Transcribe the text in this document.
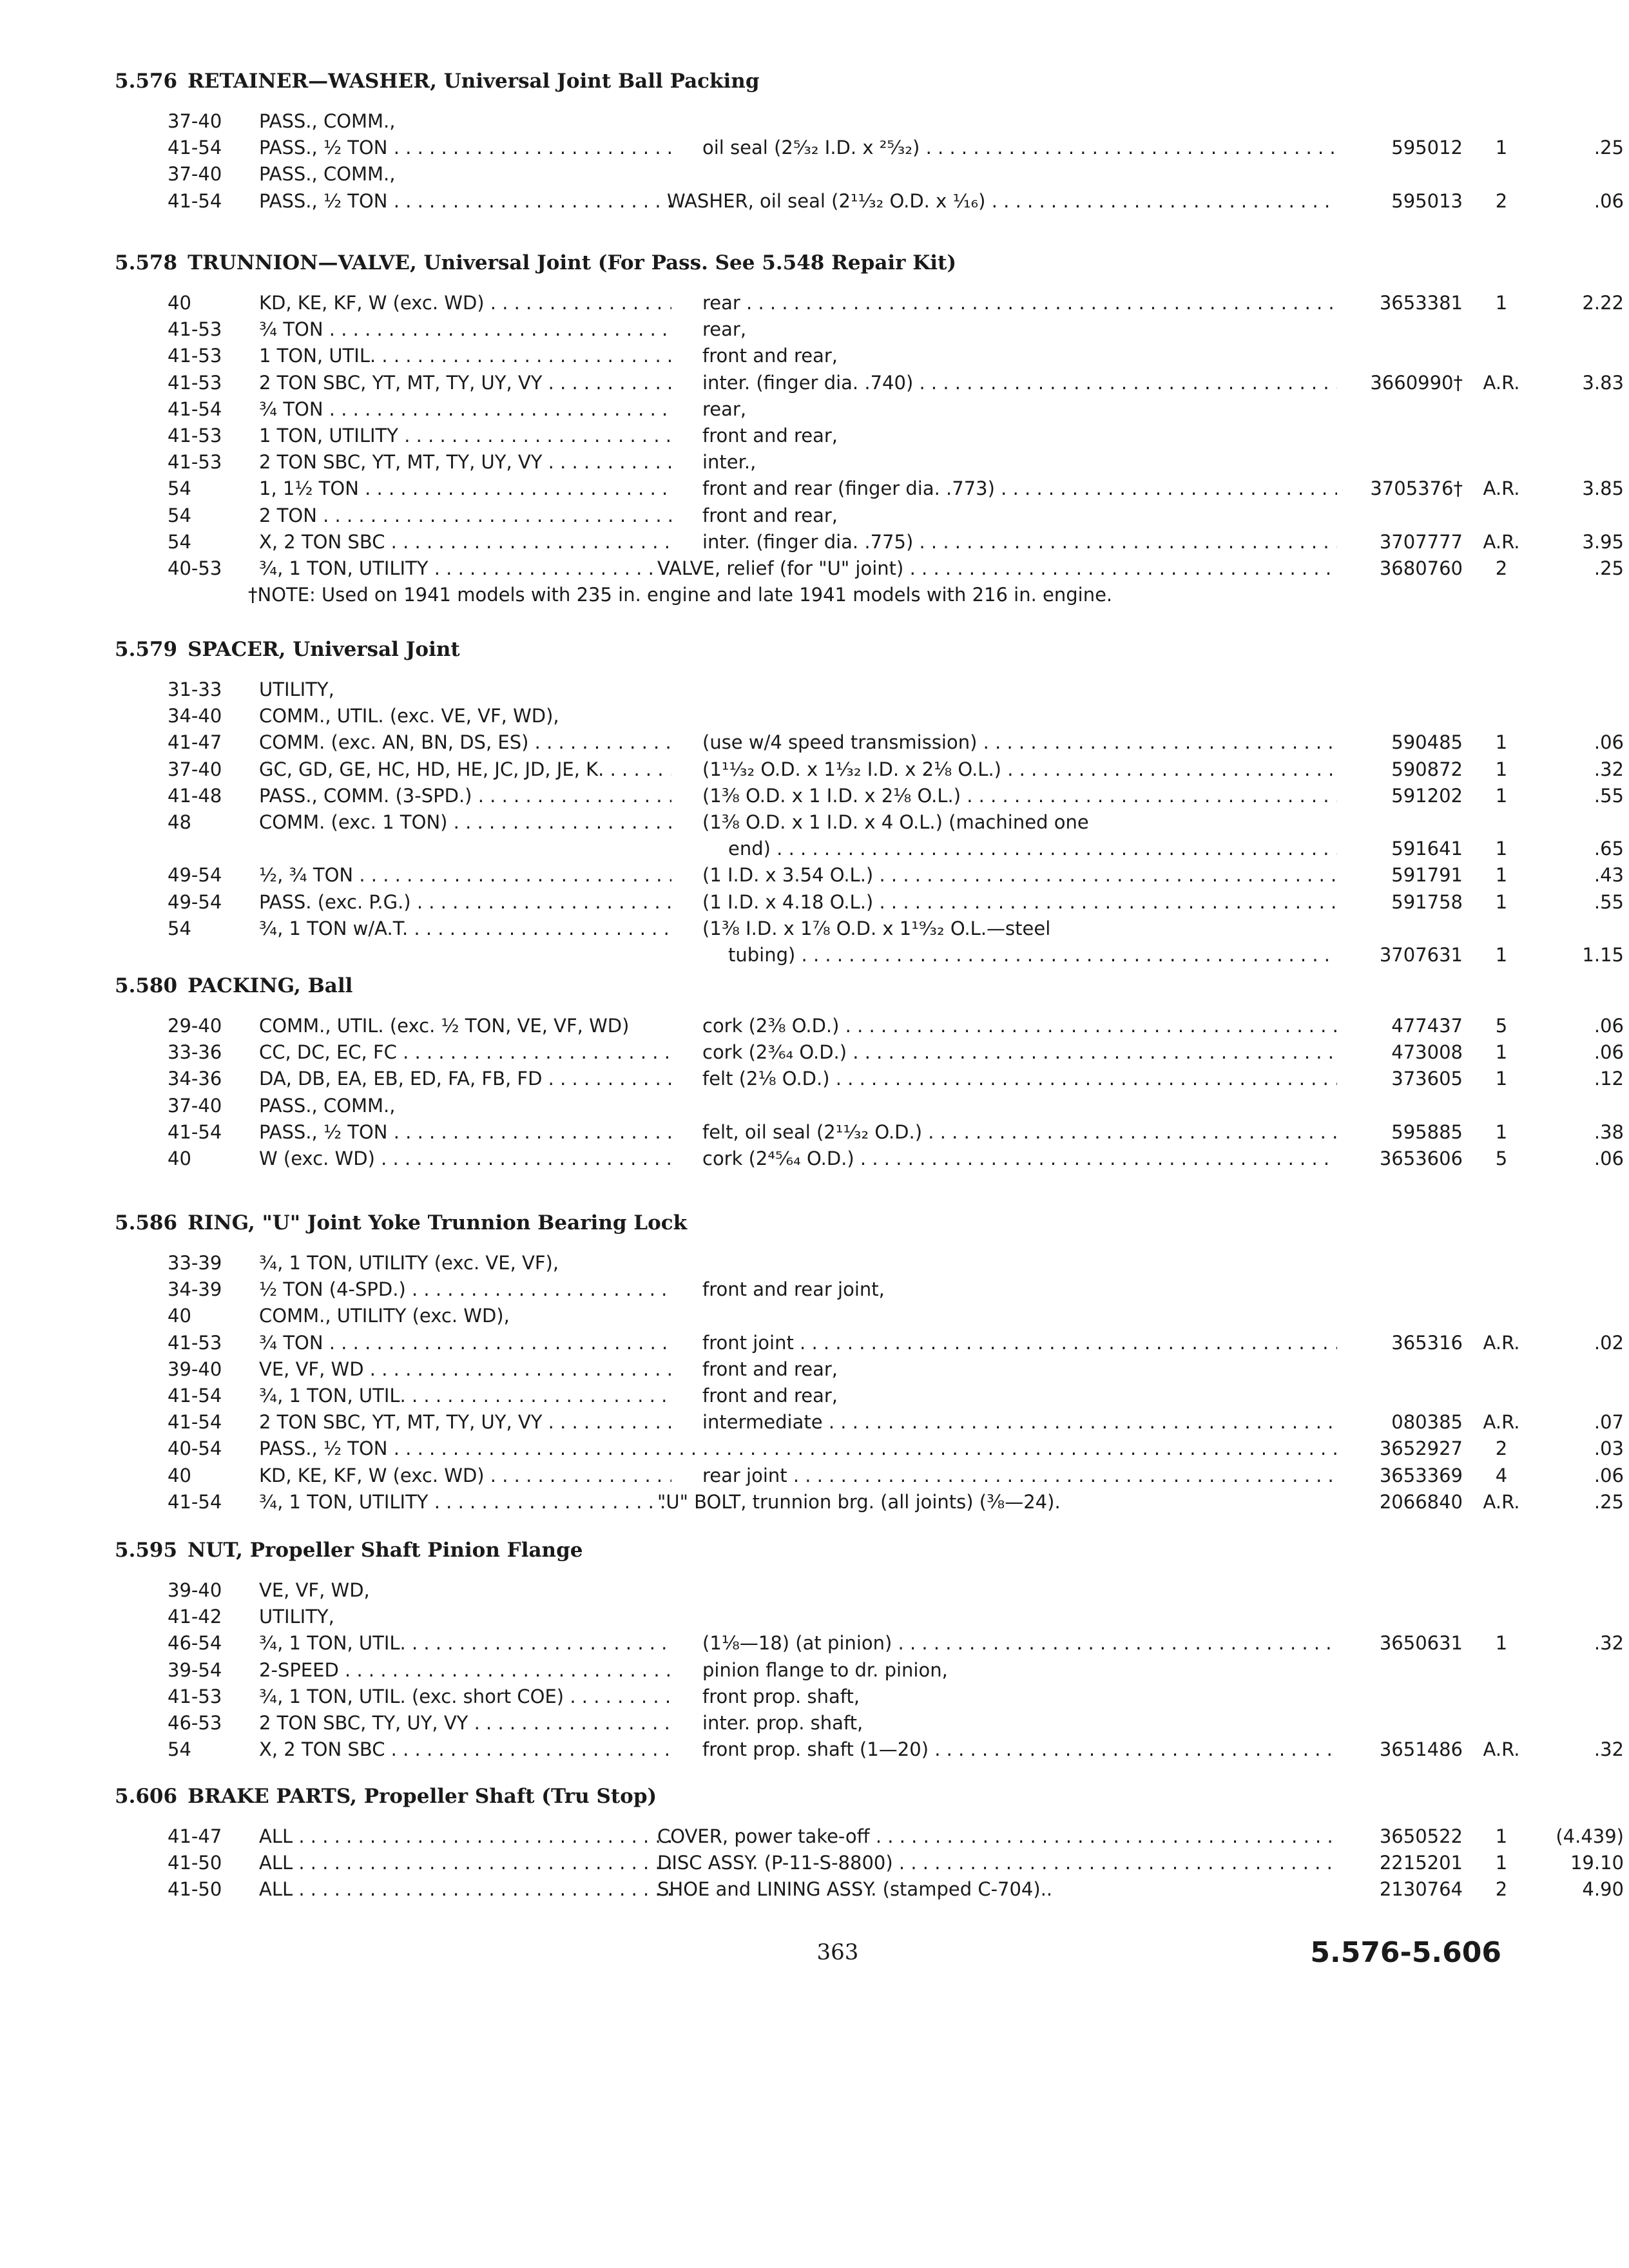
5.576 RETAINER—WASHER, Universal Joint Ball Packing
37-40	PASS., COMM.,
41-54	PASS., ½ TON . . .	oil seal (2⁵⁄₃₂ I.D. x ²⁵⁄₃₂) . . .	595012	1	.25
37-40	PASS., COMM.,
41-54	PASS., ½ TON . . .	WASHER, oil seal (2¹¹⁄₃₂ O.D. x ¹⁄₁₆) . . .	595013	2	.06
5.578 TRUNNION—VALVE, Universal Joint (For Pass. See 5.548 Repair Kit)
40	KD, KE, KF, W (exc. WD) . . .	rear . . .	3653381	1	2.22
41-53	¾ TON . . .	rear,
41-53	1 TON, UTIL. . . .	front and rear,
41-53	2 TON SBC, YT, MT, TY, UY, VY . . .	inter. (finger dia. .740) . . .	3660990†	A.R.	3.83
41-54	¾ TON . . .	rear,
41-53	1 TON, UTILITY . . .	front and rear,
41-53	2 TON SBC, YT, MT, TY, UY, VY . . .	inter.,
54	1, 1½ TON . . .	front and rear (finger dia. .773) . . .	3705376†	A.R.	3.85
54	2 TON . . .	front and rear,
54	X, 2 TON SBC . . .	inter. (finger dia. .775) . . .	3707777	A.R.	3.95
40-53	¾, 1 TON, UTILITY . . .	VALVE, relief (for "U" joint) . . .	3680760	2	.25
†NOTE: Used on 1941 models with 235 in. engine and late 1941 models with 216 in. engine.
5.579 SPACER, Universal Joint
31-33	UTILITY,
34-40	COMM., UTIL. (exc. VE, VF, WD),
41-47	COMM. (exc. AN, BN, DS, ES) . . .	(use w/4 speed transmission) . . .	590485	1	.06
37-40	GC, GD, GE, HC, HD, HE, JC, JD, JE, K. . . .	(1¹¹⁄₃₂ O.D. x 1¹⁄₃₂ I.D. x 2⅛ O.L.) . . .	590872	1	.32
41-48	PASS., COMM. (3-SPD.) . . .	(1⅜ O.D. x 1 I.D. x 2⅛ O.L.) . . .	591202	1	.55
48	COMM. (exc. 1 TON) . . .	(1⅜ O.D. x 1 I.D. x 4 O.L.) (machined one
end) . . .	591641	1	.65
49-54	½, ¾ TON . . .	(1 I.D. x 3.54 O.L.) . . .	591791	1	.43
49-54	PASS. (exc. P.G.) . . .	(1 I.D. x 4.18 O.L.) . . .	591758	1	.55
54	¾, 1 TON w/A.T. . . .	(1⅜ I.D. x 1⅞ O.D. x 1¹⁹⁄₃₂ O.L.—steel
tubing) . . .	3707631	1	1.15
5.580 PACKING, Ball
29-40	COMM., UTIL. (exc. ½ TON, VE, VF, WD)	cork (2⅜ O.D.) . . .	477437	5	.06
33-36	CC, DC, EC, FC . . .	cork (2³⁄₆₄ O.D.) . . .	473008	1	.06
34-36	DA, DB, EA, EB, ED, FA, FB, FD . . .	felt (2⅛ O.D.) . . .	373605	1	.12
37-40	PASS., COMM.,
41-54	PASS., ½ TON . . .	felt, oil seal (2¹¹⁄₃₂ O.D.) . . .	595885	1	.38
40	W (exc. WD) . . .	cork (2⁴⁵⁄₆₄ O.D.) . . .	3653606	5	.06
5.586 RING, "U" Joint Yoke Trunnion Bearing Lock
33-39	¾, 1 TON, UTILITY (exc. VE, VF),
34-39	½ TON (4-SPD.) . . .	front and rear joint,
40	COMM., UTILITY (exc. WD),
41-53	¾ TON . . .	front joint . . .	365316	A.R.	.02
39-40	VE, VF, WD . . .	front and rear,
41-54	¾, 1 TON, UTIL. . . .	front and rear,
41-54	2 TON SBC, YT, MT, TY, UY, VY . . .	intermediate . . .	080385	A.R.	.07
40-54	PASS., ½ TON . . .
. . .	3652927	2	.03
40	KD, KE, KF, W (exc. WD) . . .	rear joint . . .	3653369	4	.06
41-54	¾, 1 TON, UTILITY . . .	"U" BOLT, trunnion brg. (all joints) (⅜—24).	2066840	A.R.	.25
5.595 NUT, Propeller Shaft Pinion Flange
39-40	VE, VF, WD,
41-42	UTILITY,
46-54	¾, 1 TON, UTIL. . . .	(1⅛—18) (at pinion) . . .	3650631	1	.32
39-54	2-SPEED . . .	pinion flange to dr. pinion,
41-53	¾, 1 TON, UTIL. (exc. short COE) . . .	front prop. shaft,
46-53	2 TON SBC, TY, UY, VY . . .	inter. prop. shaft,
54	X, 2 TON SBC . . .	front prop. shaft (1—20) . . .	3651486	A.R.	.32
5.606 BRAKE PARTS, Propeller Shaft (Tru Stop)
41-47	ALL . . .	COVER, power take-off . . .	3650522	1	(4.439)
41-50	ALL . . .	DISC ASSY. (P-11-S-8800) . . .	2215201	1	19.10
41-50	ALL . . .	SHOE and LINING ASSY. (stamped C-704)..	2130764	2	4.90
363	5.576-5.606
